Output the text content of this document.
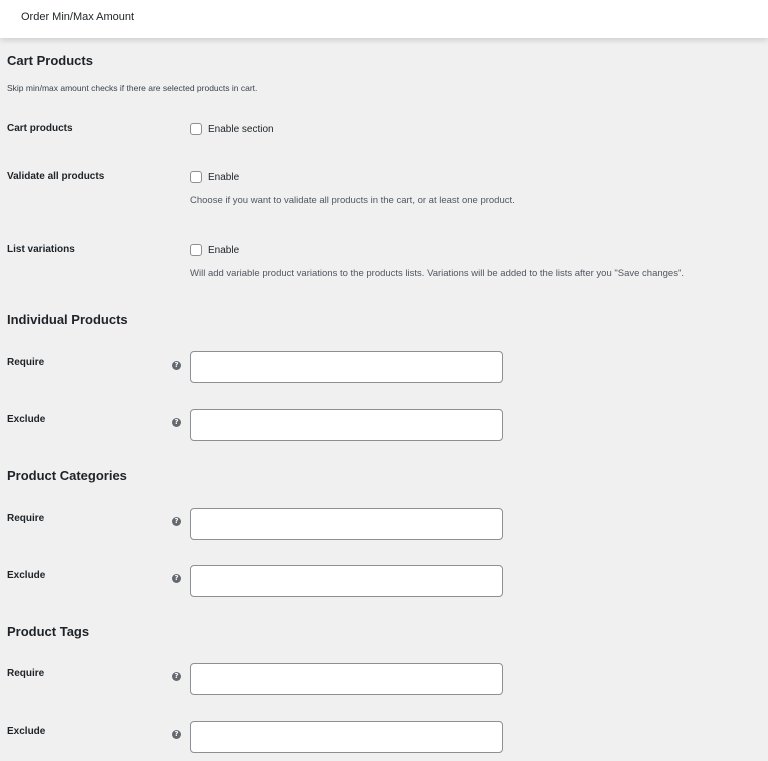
Order Min/Max Amount
Cart Products
Skip min/max amount checks if there are selected products in cart.
Cart products	Enable section
Validate all products	Enable
Choose if you want to validate all products in the cart, or at least one product.
List variations	Enable
Will add variable product variations to the products lists. Variations will be added to the lists after you "Save changes".
Individual Products
Require	?
Exclude	?
Product Categories
Require	?
Exclude	?
Product Tags
Require	?
Exclude	?
